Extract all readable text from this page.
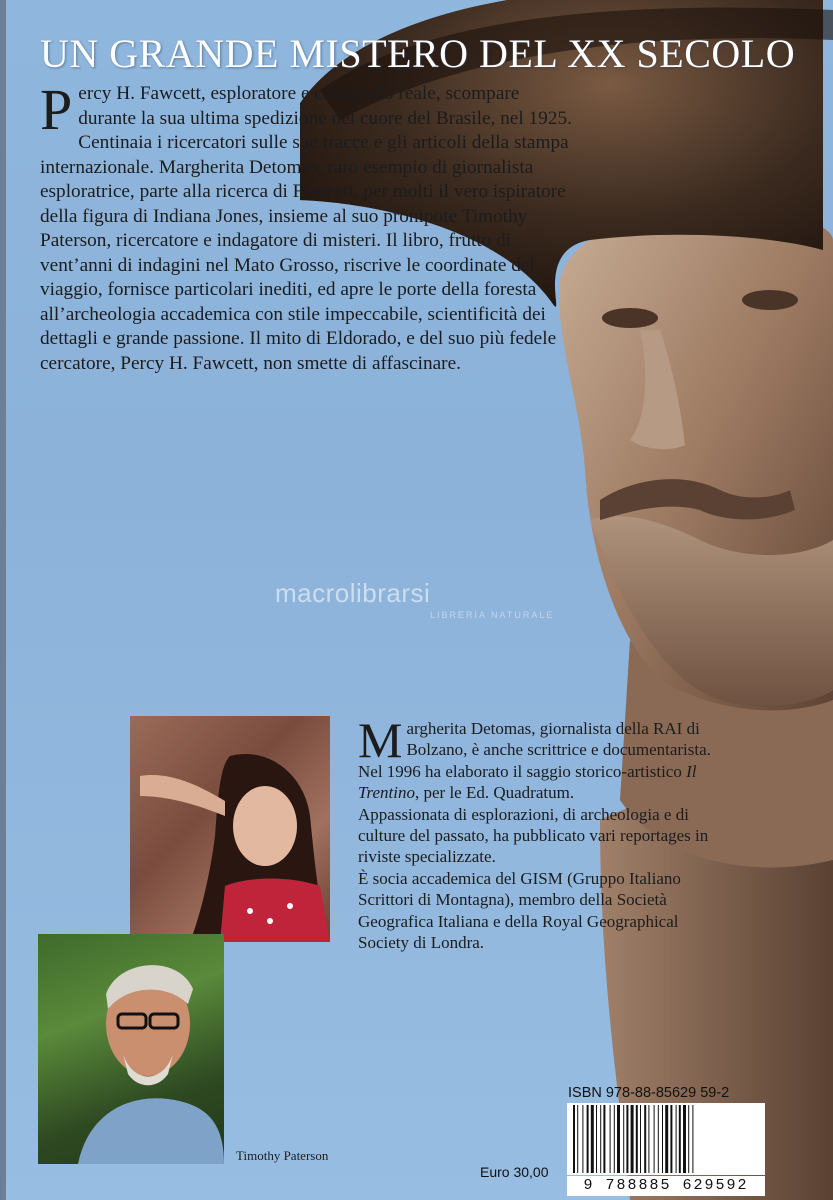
UN GRANDE MISTERO DEL XX SECOLO
P ercy H. Fawcett, esploratore e cartografo reale, scompare durante la sua ultima spedizione nel cuore del Brasile, nel 1925. Centinaia i ricercatori sulle sue tracce e gli articoli della stampa internazionale. Margherita Detomas, raro esempio di giornalista esploratrice, parte alla ricerca di Fawcett, per molti il vero ispiratore della figura di Indiana Jones, insieme al suo pronipote Timothy Paterson, ricercatore e indagatore di misteri. Il libro, frutto di vent’anni di indagini nel Mato Grosso, riscrive le coordinate del viaggio, fornisce particolari inediti, ed apre le porte della foresta all’archeologia accademica con stile impeccabile, scientificità dei dettagli e grande passione. Il mito di Eldorado, e del suo più fedele cercatore, Percy H. Fawcett, non smette di affascinare.

macrolibrarsi
LIBRERIA NATURALE
Timothy Paterson
M argherita Detomas, giornalista della RAI di Bolzano, è anche scrittrice e documentarista.

Nel 1996 ha elaborato il saggio storico-artistico Il Trentino, per le Ed. Quadratum.

Appassionata di esplorazioni, di archeologia e di culture del passato, ha pubblicato vari reportages in riviste specializzate.

È socia accademica del GISM (Gruppo Italiano Scrittori di Montagna), membro della Società Geografica Italiana e della Royal Geographical Society di Londra.

ISBN 978-88-85629 59-2
9 788885 629592
Euro 30,00
